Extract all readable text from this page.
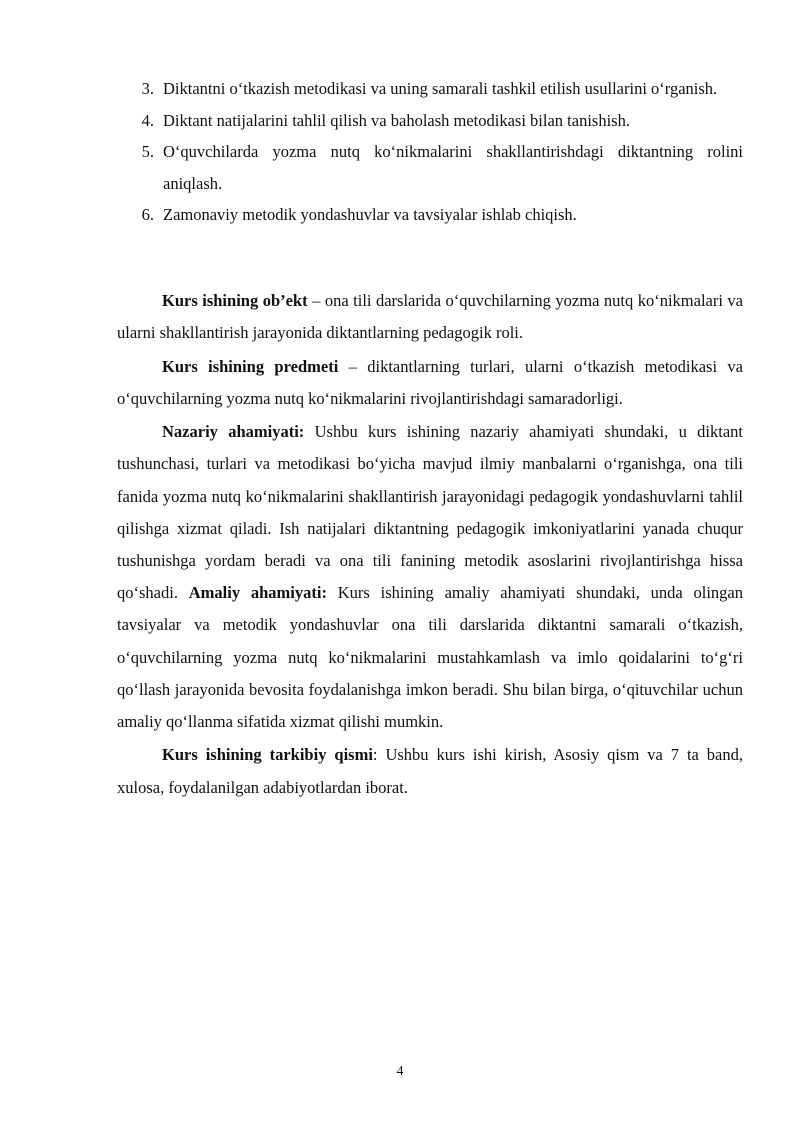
3. Diktantni o‘tkazish metodikasi va uning samarali tashkil etilish usullarini o‘rganish.
4. Diktant natijalarini tahlil qilish va baholash metodikasi bilan tanishish.
5. O‘quvchilarda yozma nutq ko‘nikmalarini shakllantirishdagi diktantning rolini aniqlash.
6. Zamonaviy metodik yondashuvlar va tavsiyalar ishlab chiqish.

Kurs ishining ob’ekt – ona tili darslarida o‘quvchilarning yozma nutq ko‘nikmalari va ularni shakllantirish jarayonida diktantlarning pedagogik roli.

Kurs ishining predmeti – diktantlarning turlari, ularni o‘tkazish metodikasi va o‘quvchilarning yozma nutq ko‘nikmalarini rivojlantirishdagi samaradorligi.

Nazariy ahamiyati: Ushbu kurs ishining nazariy ahamiyati shundaki, u diktant tushunchasi, turlari va metodikasi bo‘yicha mavjud ilmiy manbalarni o‘rganishga, ona tili fanida yozma nutq ko‘nikmalarini shakllantirish jarayonidagi pedagogik yondashuvlarni tahlil qilishga xizmat qiladi. Ish natijalari diktantning pedagogik imkoniyatlarini yanada chuqur tushunishga yordam beradi va ona tili fanining metodik asoslarini rivojlantirishga hissa qo‘shadi. Amaliy ahamiyati: Kurs ishining amaliy ahamiyati shundaki, unda olingan tavsiyalar va metodik yondashuvlar ona tili darslarida diktantni samarali o‘tkazish, o‘quvchilarning yozma nutq ko‘nikmalarini mustahkamlash va imlo qoidalarini to‘g‘ri qo‘llash jarayonida bevosita foydalanishga imkon beradi. Shu bilan birga, o‘qituvchilar uchun amaliy qo‘llanma sifatida xizmat qilishi mumkin.

Kurs ishining tarkibiy qismi: Ushbu kurs ishi kirish, Asosiy qism va 7 ta band, xulosa, foydalanilgan adabiyotlardan iborat.

4
